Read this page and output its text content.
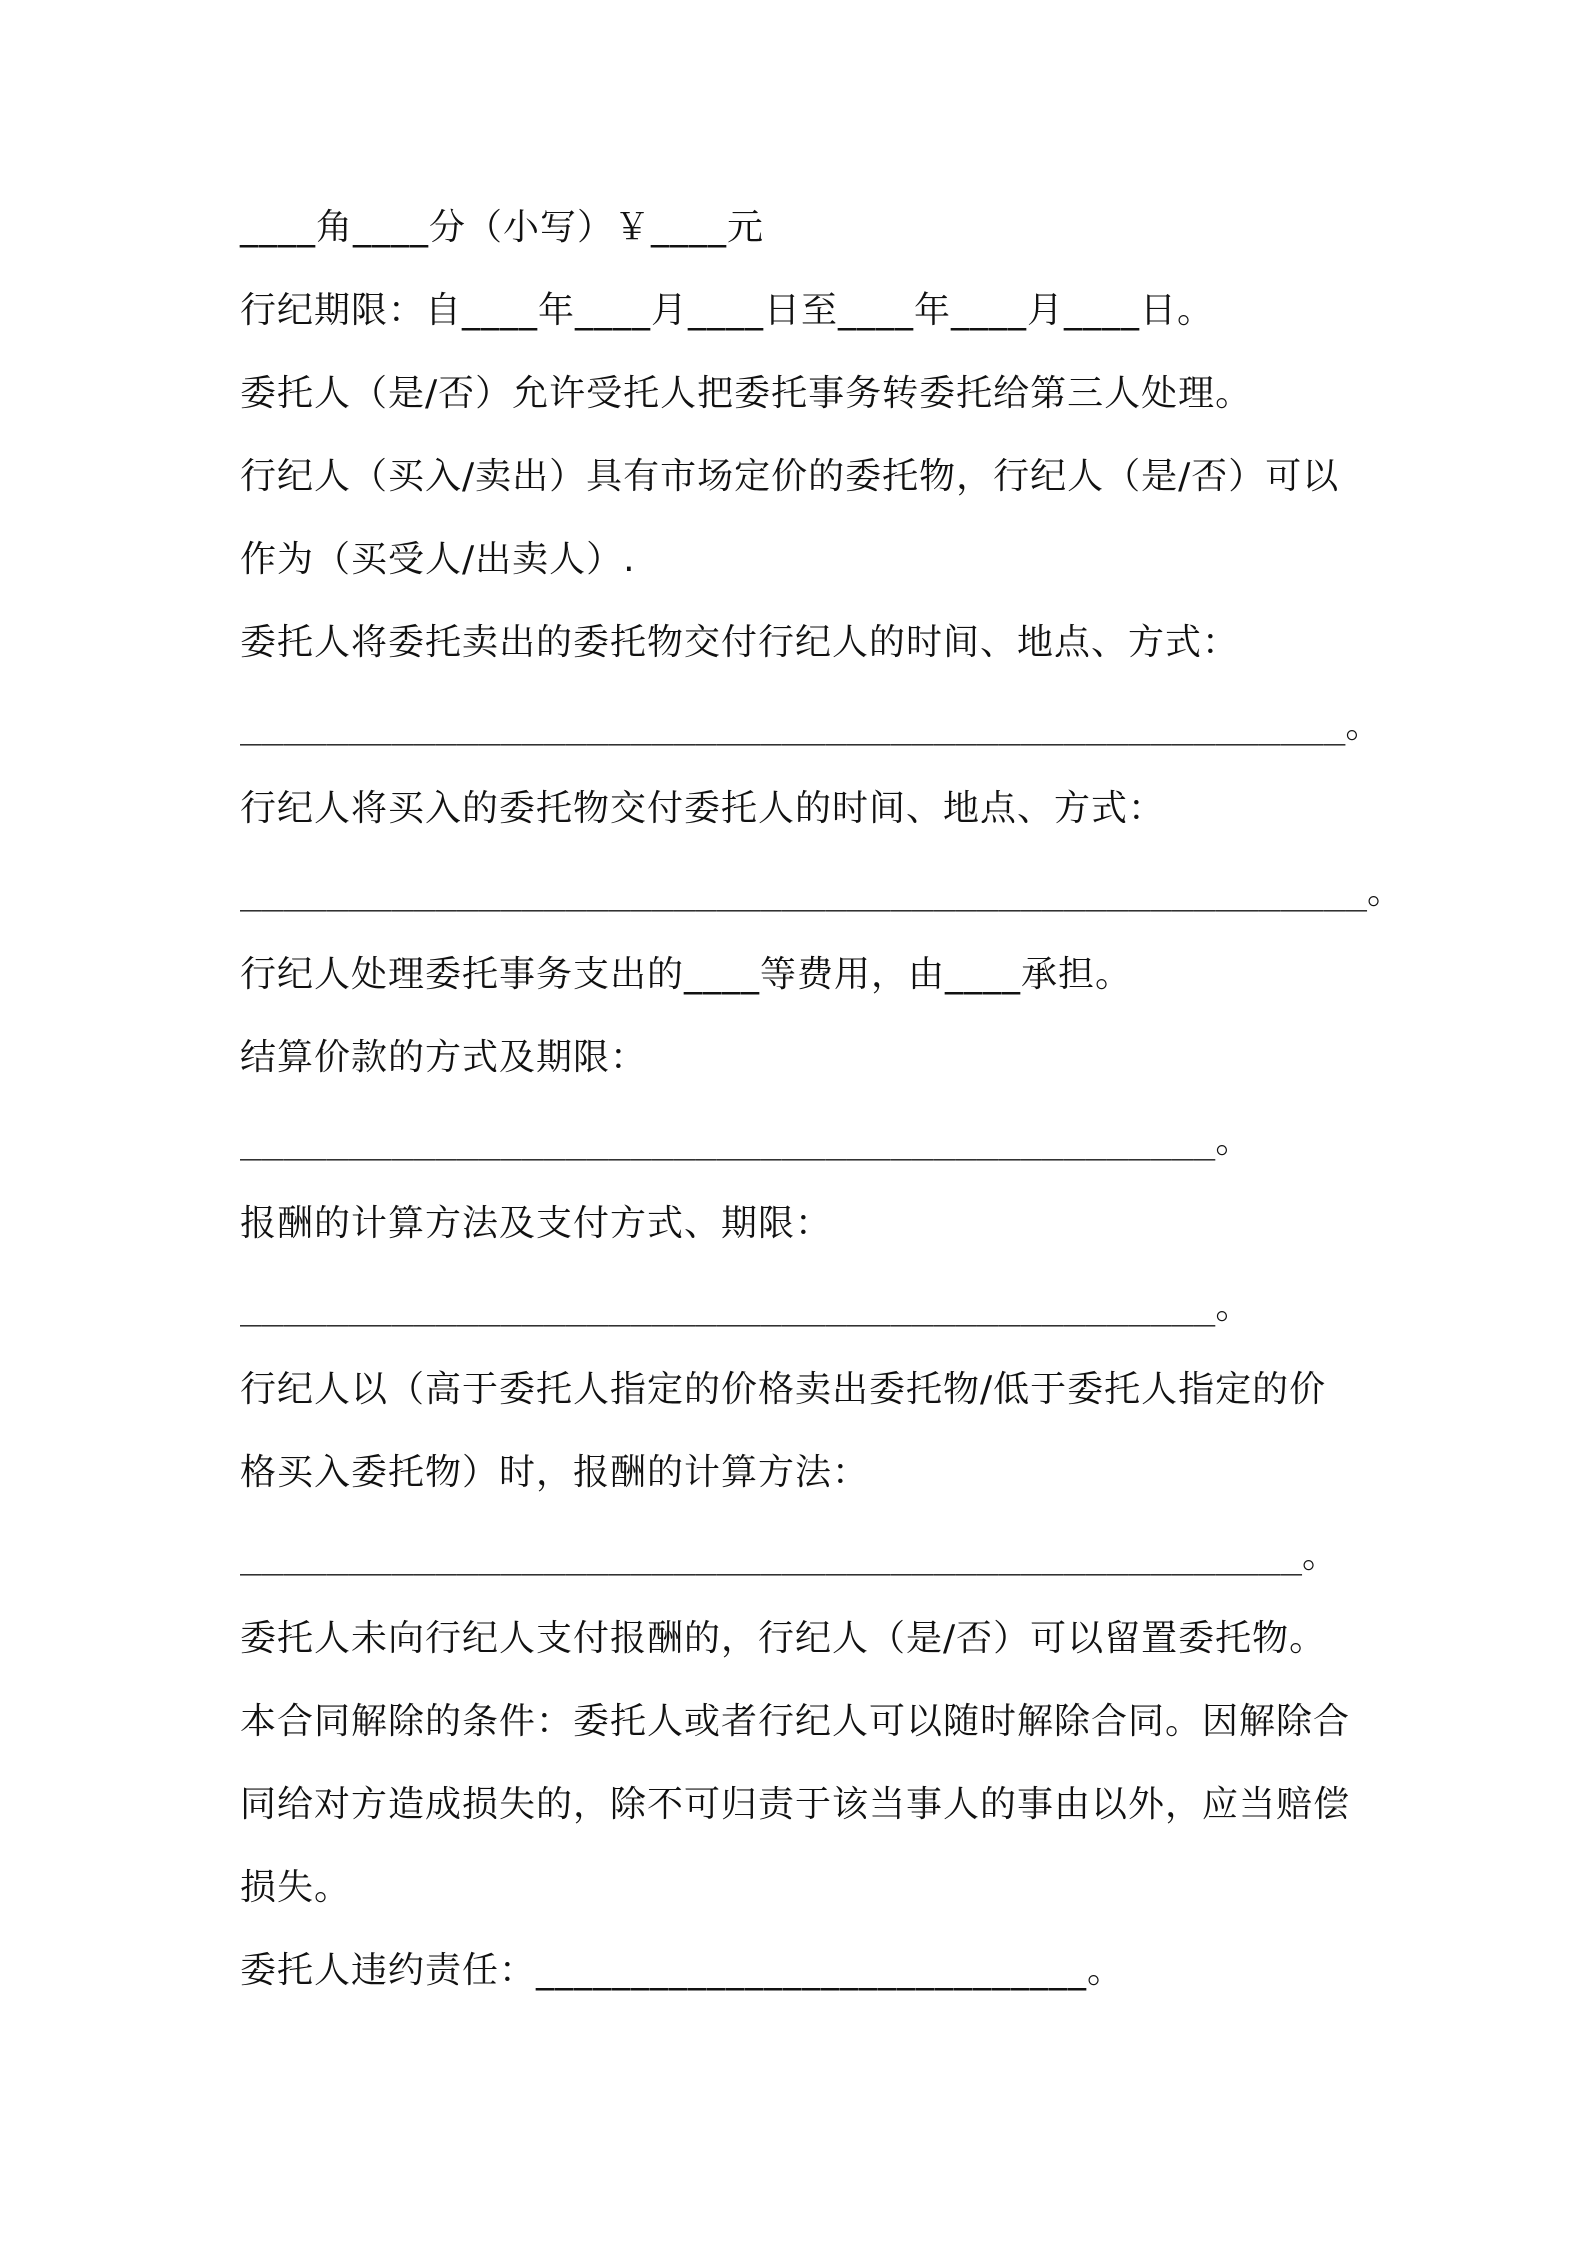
____角____分（小写）￥____元

行纪期限：自____年____月____日至____年____月____日。

委托人（是/否）允许受托人把委托事务转委托给第三人处理。

行纪人（买入/卖出）具有市场定价的委托物，行纪人（是/否）可以

作为（买受人/出卖人）.

委托人将委托卖出的委托物交付行纪人的时间、地点、方式：

___________________________________________________。

行纪人将买入的委托物交付委托人的时间、地点、方式：

____________________________________________________。

行纪人处理委托事务支出的____等费用，由____承担。

结算价款的方式及期限：

_____________________________________________。

报酬的计算方法及支付方式、期限：

_____________________________________________。

行纪人以（高于委托人指定的价格卖出委托物/低于委托人指定的价

格买入委托物）时，报酬的计算方法：

_________________________________________________。

委托人未向行纪人支付报酬的，行纪人（是/否）可以留置委托物。

本合同解除的条件：委托人或者行纪人可以随时解除合同。因解除合

同给对方造成损失的，除不可归责于该当事人的事由以外，应当赔偿

损失。

委托人违约责任：_____________________________。
